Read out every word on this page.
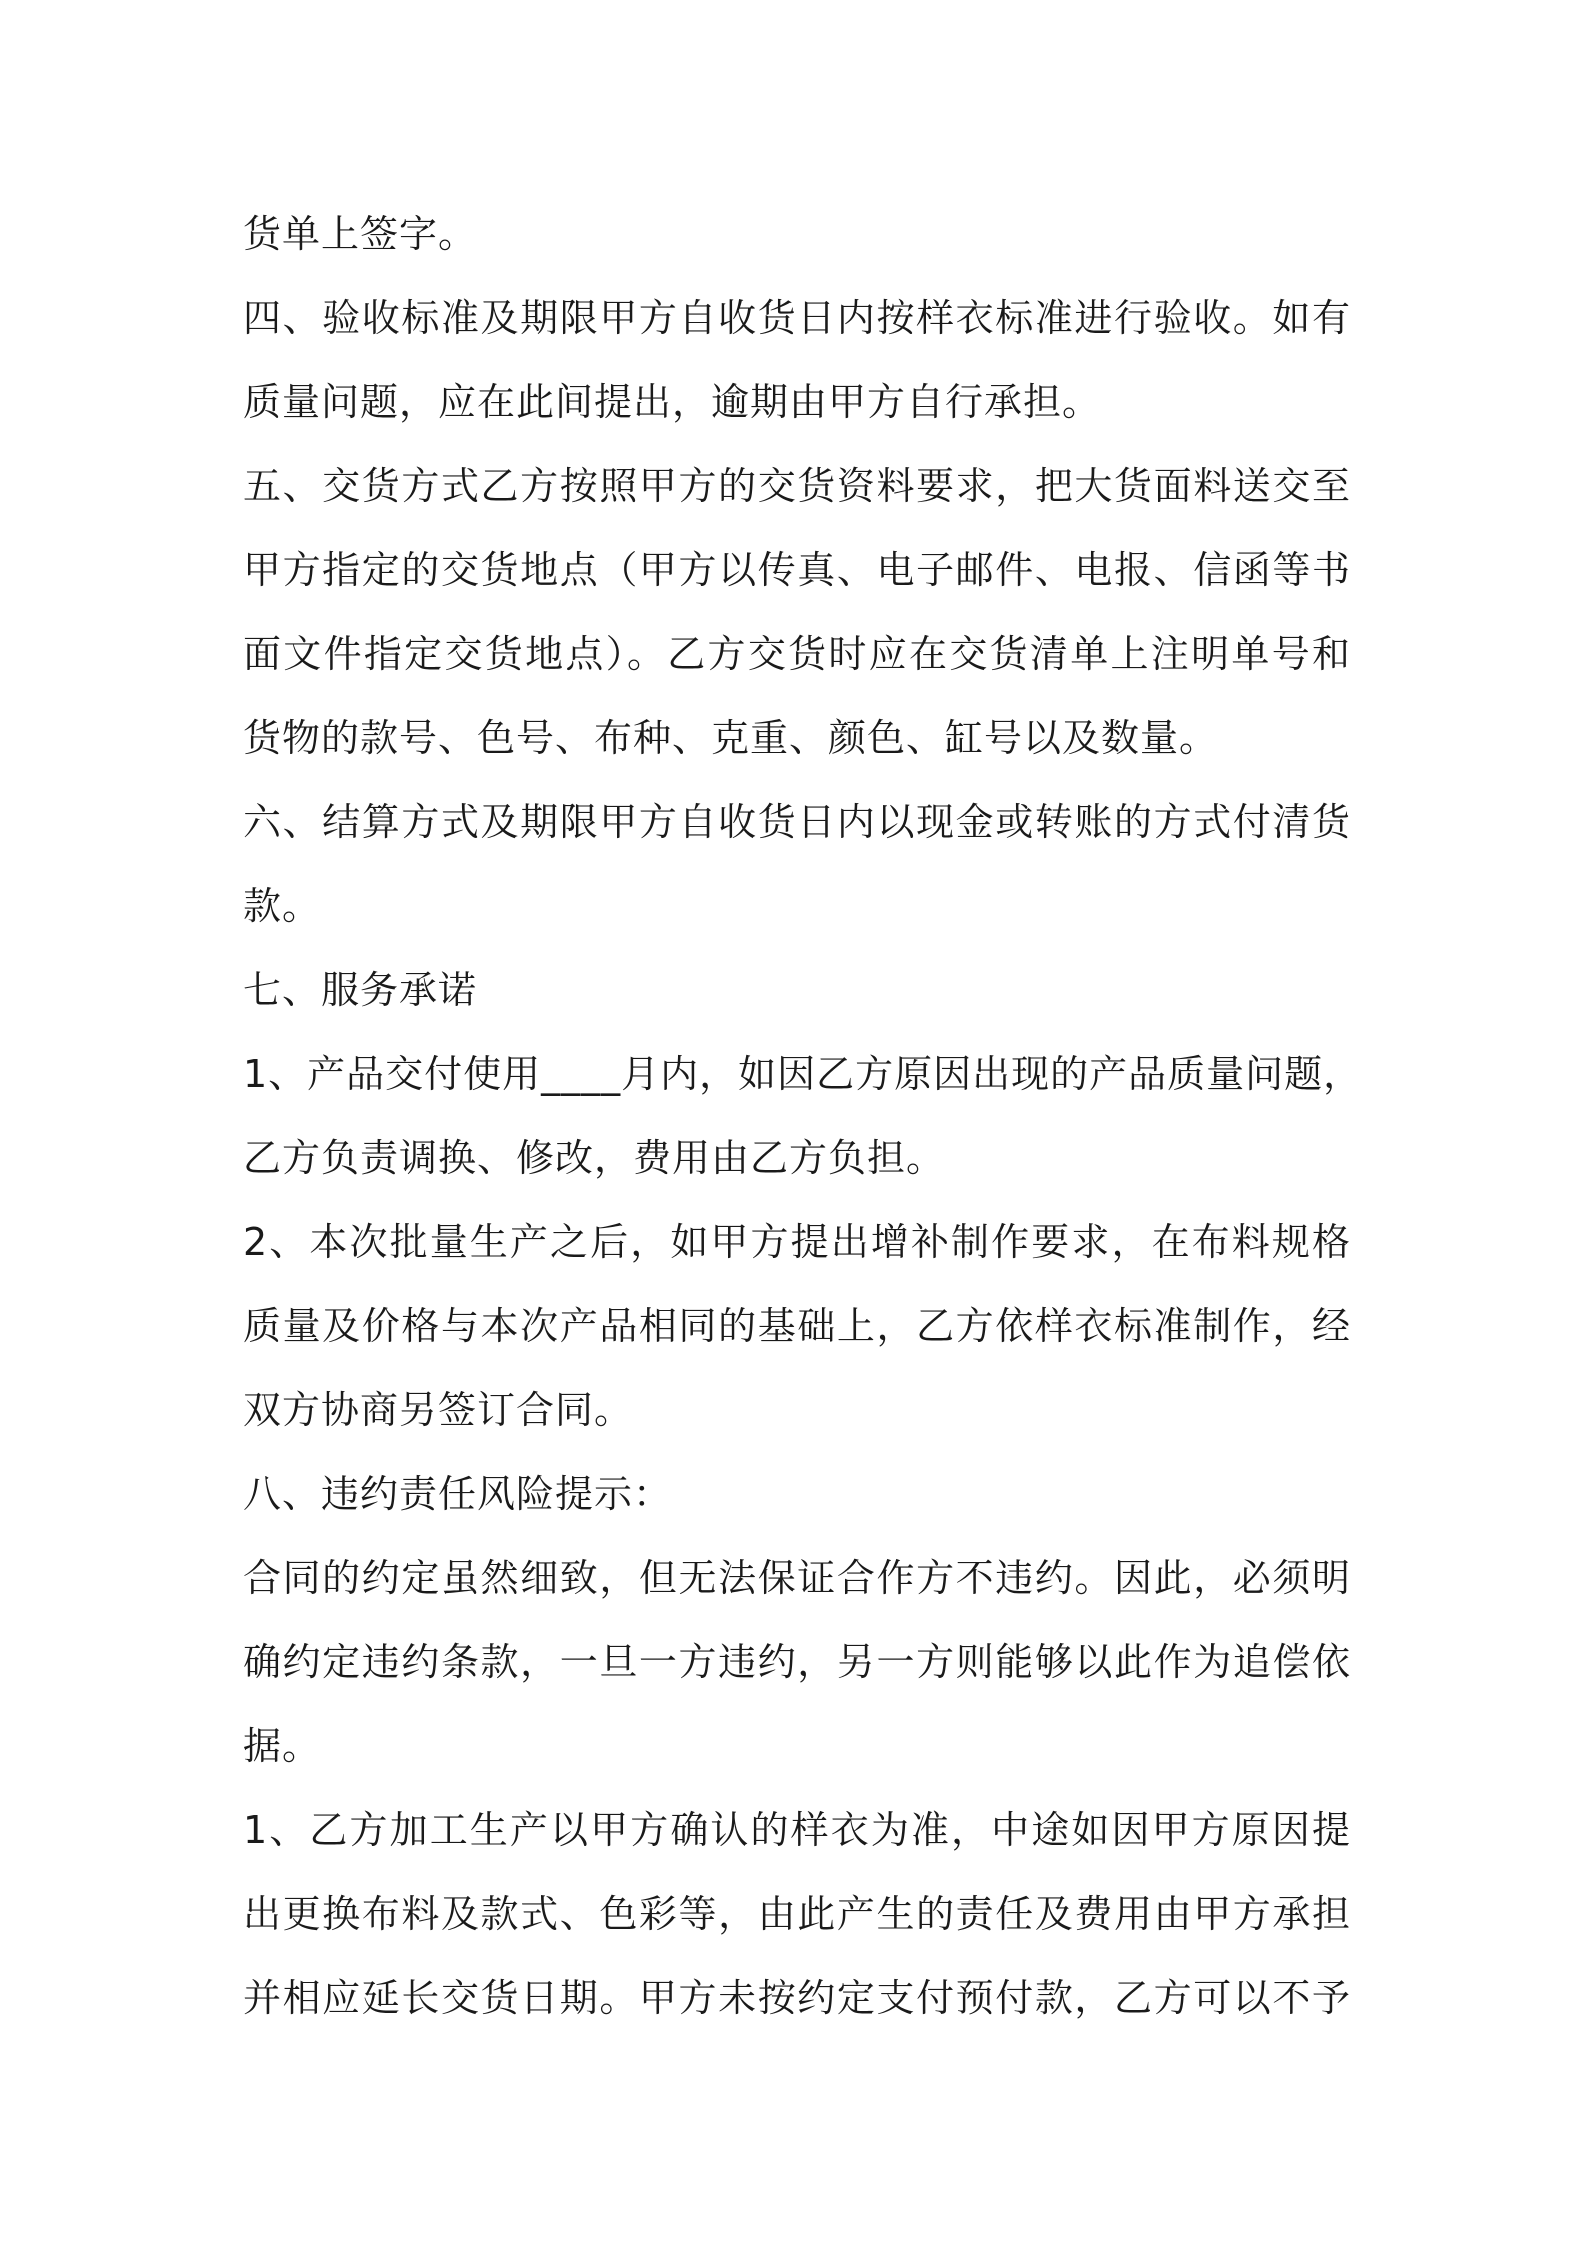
货单上签字。
四、验收标准及期限甲方自收货日内按样衣标准进行验收。如有
质量问题，应在此间提出，逾期由甲方自行承担。
五、交货方式乙方按照甲方的交货资料要求，把大货面料送交至
甲方指定的交货地点（甲方以传真、电子邮件、电报、信函等书
面文件指定交货地点）。乙方交货时应在交货清单上注明单号和
货物的款号、色号、布种、克重、颜色、缸号以及数量。
六、结算方式及期限甲方自收货日内以现金或转账的方式付清货
款。
七、服务承诺
1、产品交付使用____月内，如因乙方原因出现的产品质量问题，
乙方负责调换、修改，费用由乙方负担。
2、本次批量生产之后，如甲方提出增补制作要求，在布料规格
质量及价格与本次产品相同的基础上，乙方依样衣标准制作，经
双方协商另签订合同。
八、违约责任风险提示：
合同的约定虽然细致，但无法保证合作方不违约。因此，必须明
确约定违约条款，一旦一方违约，另一方则能够以此作为追偿依
据。
1、乙方加工生产以甲方确认的样衣为准，中途如因甲方原因提
出更换布料及款式、色彩等，由此产生的责任及费用由甲方承担
并相应延长交货日期。甲方未按约定支付预付款，乙方可以不予
